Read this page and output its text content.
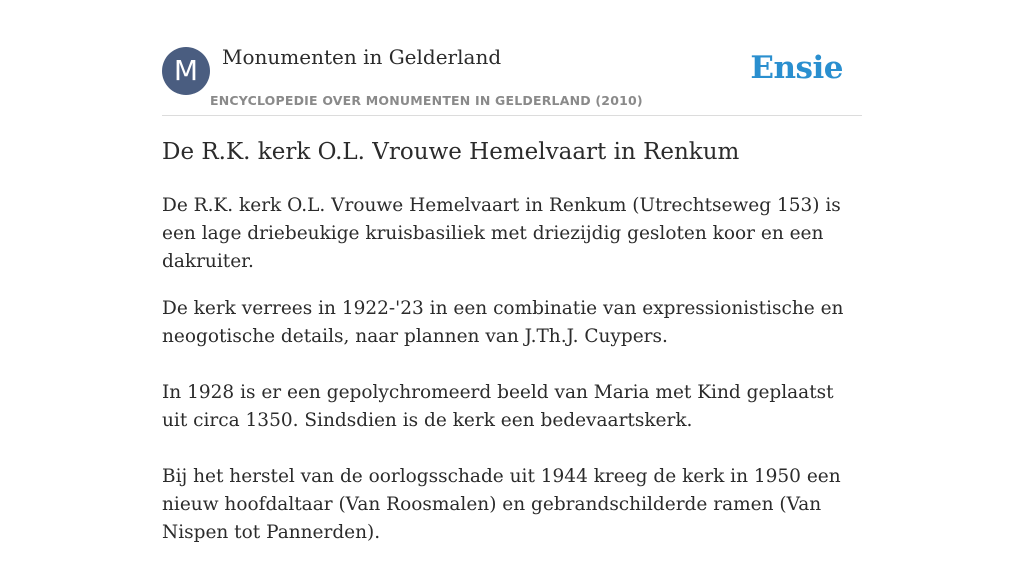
M	Monumenten in Gelderland
ENCYCLOPEDIE OVER MONUMENTEN IN GELDERLAND (2010)
Ensie
De R.K. kerk O.L. Vrouwe Hemelvaart in Renkum

De R.K. kerk O.L. Vrouwe Hemelvaart in Renkum (Utrechtseweg 153) is een lage driebeukige kruisbasiliek met driezijdig gesloten koor en een dakruiter.

De kerk verrees in 1922-'23 in een combinatie van expressionistische en neogotische details, naar plannen van J.Th.J. Cuypers.

In 1928 is er een gepolychromeerd beeld van Maria met Kind geplaatst uit circa 1350. Sindsdien is de kerk een bedevaartskerk.

Bij het herstel van de oorlogsschade uit 1944 kreeg de kerk in 1950 een nieuw hoofdaltaar (Van Roosmalen) en gebrandschilderde ramen (Van Nispen tot Pannerden).
